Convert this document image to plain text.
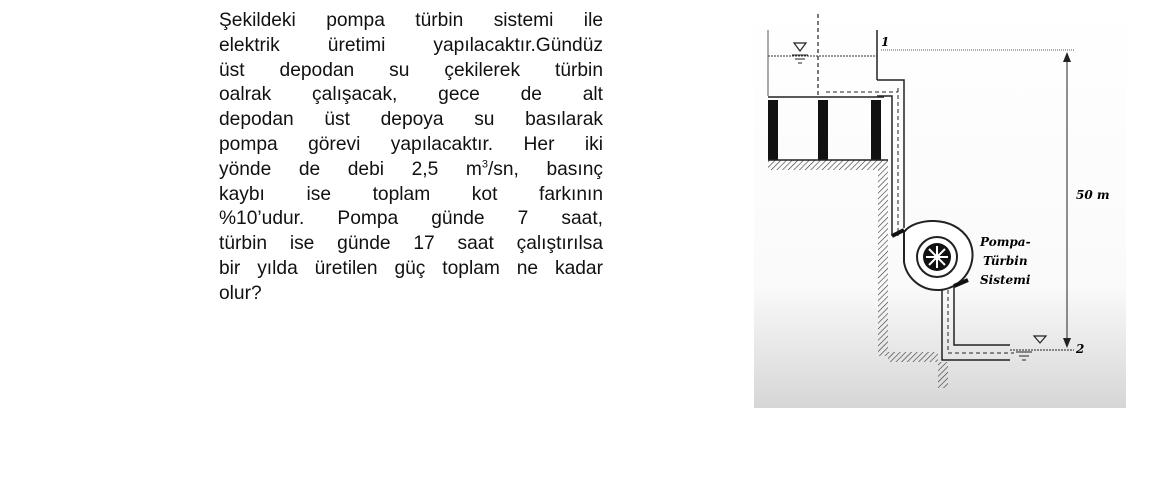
Şekildeki pompa türbin sistemi ile
elektrik üretimi yapılacaktır.Gündüz
üst depodan su çekilerek türbin
oalrak çalışacak, gece de alt
depodan üst depoya su basılarak
pompa görevi yapılacaktır. Her iki
yönde de debi 2,5 $m^3/sn$, basınç
kaybı ise toplam kot farkının
%10’udur. Pompa günde 7 saat,
türbin ise günde 17 saat çalıştırılsa
bir yılda üretilen güç toplam ne kadar
olur?
1
Pompa-
Türbin
Sistemi
2
50 m
